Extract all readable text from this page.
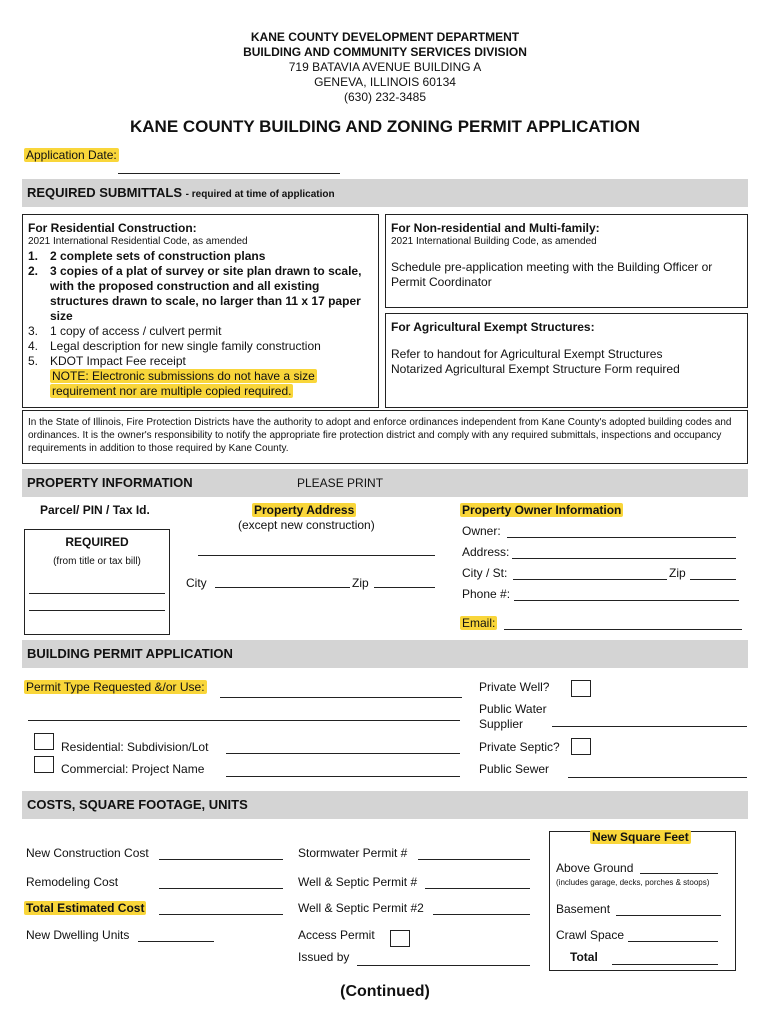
KANE COUNTY DEVELOPMENT DEPARTMENT
BUILDING AND COMMUNITY SERVICES DIVISION
719 BATAVIA AVENUE BUILDING A
GENEVA, ILLINOIS 60134
(630) 232-3485
KANE COUNTY BUILDING AND ZONING PERMIT APPLICATION
Application Date:
REQUIRED SUBMITTALS - required at time of application
For Residential Construction:
2021 International Residential Code, as amended
1. 2 complete sets of construction plans
2. 3 copies of a plat of survey or site plan drawn to scale, with the proposed construction and all existing structures drawn to scale, no larger than 11 x 17 paper size
3. 1 copy of access / culvert permit
4. Legal description for new single family construction
5. KDOT Impact Fee receipt
NOTE: Electronic submissions do not have a size
requirement nor are multiple copied required.
For Non-residential and Multi-family:
2021 International Building Code, as amended
Schedule pre-application meeting with the Building Officer or Permit Coordinator
For Agricultural Exempt Structures:
Refer to handout for Agricultural Exempt Structures
Notarized Agricultural Exempt Structure Form required
In the State of Illinois, Fire Protection Districts have the authority to adopt and enforce ordinances independent from Kane County's adopted building codes and ordinances. It is the owner's responsibility to notify the appropriate fire protection district and comply with any required submittals, inspections and occupancy requirements in addition to those required by Kane County.
PROPERTY INFORMATION	PLEASE PRINT
Parcel/ PIN / Tax Id.
REQUIRED
(from title or tax bill)
Property Address
(except new construction)
City	Zip
Property Owner Information
Owner:
Address:
City / St:	Zip
Phone #:
Email:
BUILDING PERMIT APPLICATION
Permit Type Requested &/or Use:
Residential: Subdivision/Lot
Commercial: Project Name
Private Well?
Public Water Supplier
Private Septic?
Public Sewer
COSTS, SQUARE FOOTAGE, UNITS
New Construction Cost
Remodeling Cost
Total Estimated Cost
New Dwelling Units
Stormwater Permit #
Well & Septic Permit #
Well & Septic Permit #2
Access Permit
Issued by
New Square Feet
Above Ground
(includes garage, decks, porches & stoops)
Basement
Crawl Space
Total
(Continued)
